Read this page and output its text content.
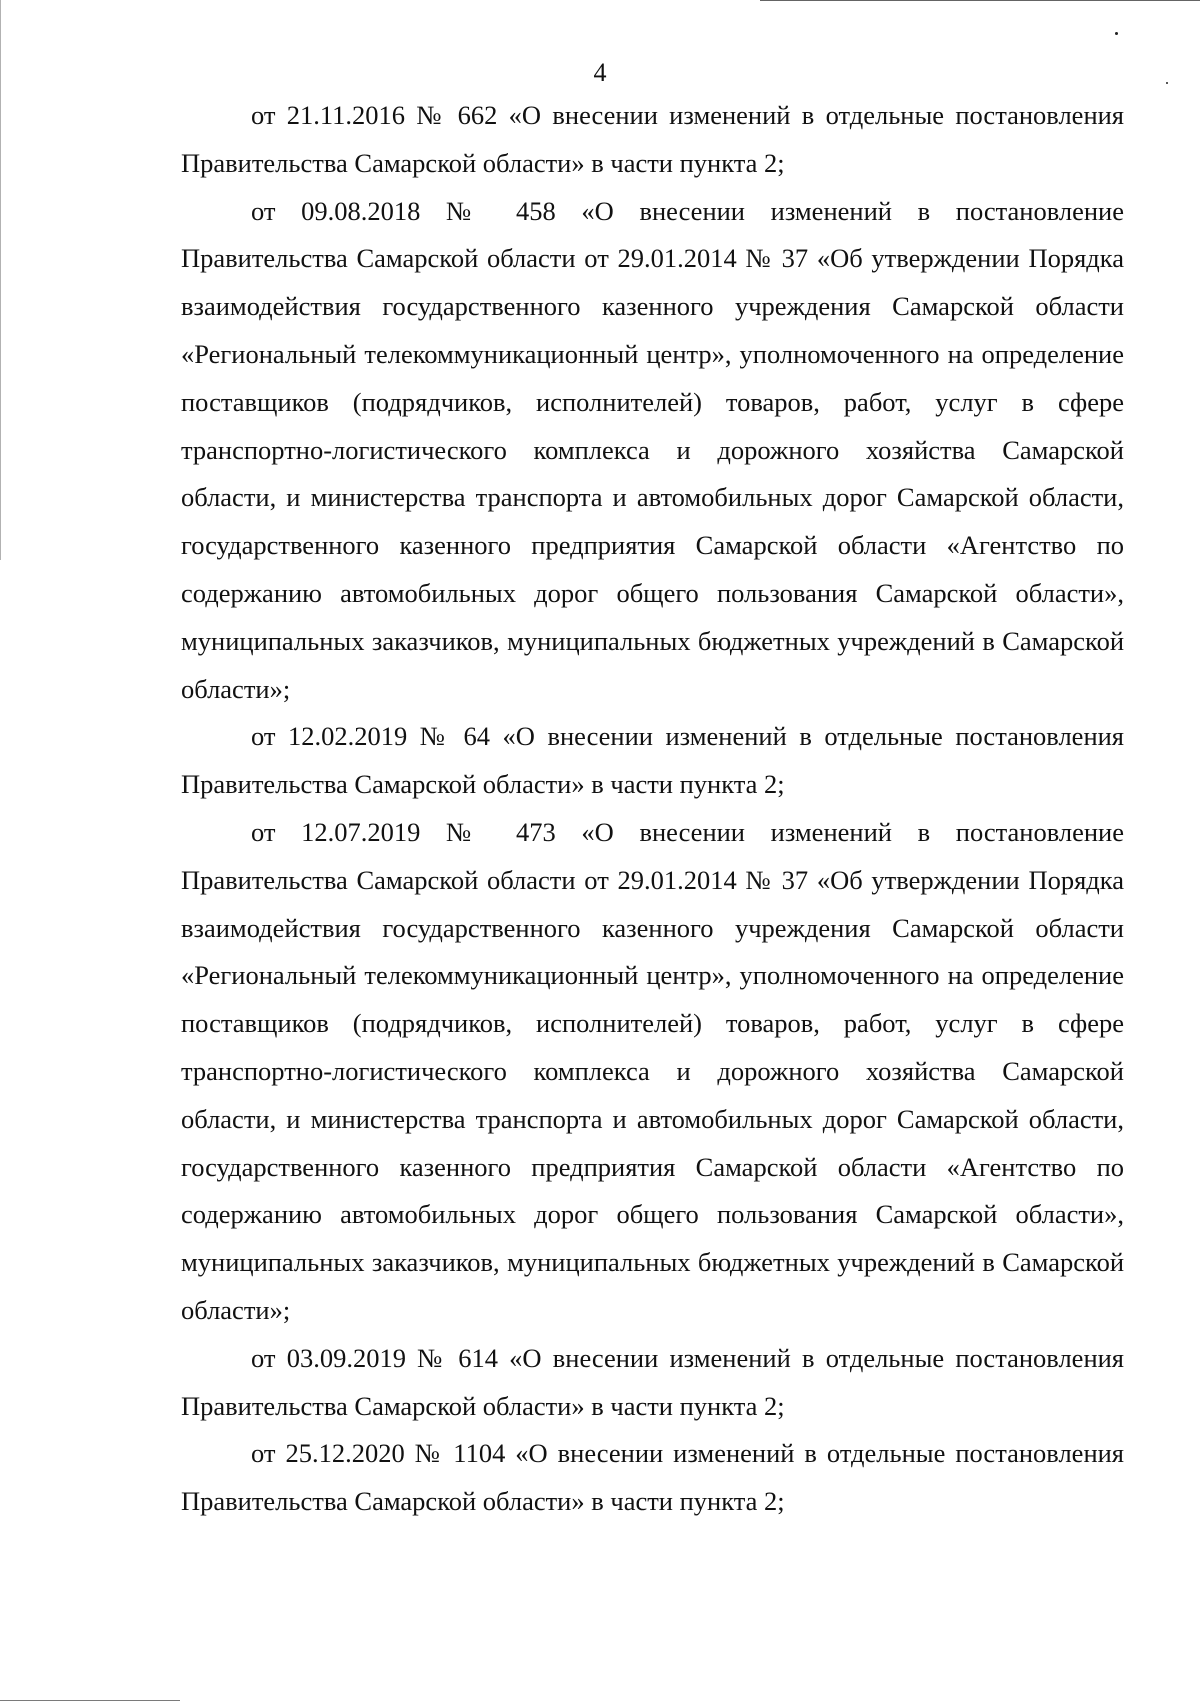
4

от 21.11.2016 № 662 «О внесении изменений в отдельные постановления Правительства Самарской области» в части пункта 2;

от 09.08.2018 № 458 «О внесении изменений в постановление Правительства Самарской области от 29.01.2014 № 37 «Об утверждении Порядка взаимодействия государственного казенного учреждения Самарской области «Региональный телекоммуникационный центр», уполномоченного на определение поставщиков (подрядчиков, исполнителей) товаров, работ, услуг в сфере транспортно-логистического комплекса и дорожного хозяйства Самарской области, и министерства транспорта и автомобильных дорог Самарской области, государственного казенного предприятия Самарской области «Агентство по содержанию автомобильных дорог общего пользования Самарской области», муниципальных заказчиков, муниципальных бюджетных учреждений в Самарской области»;

от 12.02.2019 № 64 «О внесении изменений в отдельные постановления Правительства Самарской области» в части пункта 2;

от 12.07.2019 № 473 «О внесении изменений в постановление Правительства Самарской области от 29.01.2014 № 37 «Об утверждении Порядка взаимодействия государственного казенного учреждения Самарской области «Региональный телекоммуникационный центр», уполномоченного на определение поставщиков (подрядчиков, исполнителей) товаров, работ, услуг в сфере транспортно-логистического комплекса и дорожного хозяйства Самарской области, и министерства транспорта и автомобильных дорог Самарской области, государственного казенного предприятия Самарской области «Агентство по содержанию автомобильных дорог общего пользования Самарской области», муниципальных заказчиков, муниципальных бюджетных учреждений в Самарской области»;

от 03.09.2019 № 614 «О внесении изменений в отдельные постановления Правительства Самарской области» в части пункта 2;

от 25.12.2020 № 1104 «О внесении изменений в отдельные постановления Правительства Самарской области» в части пункта 2;
